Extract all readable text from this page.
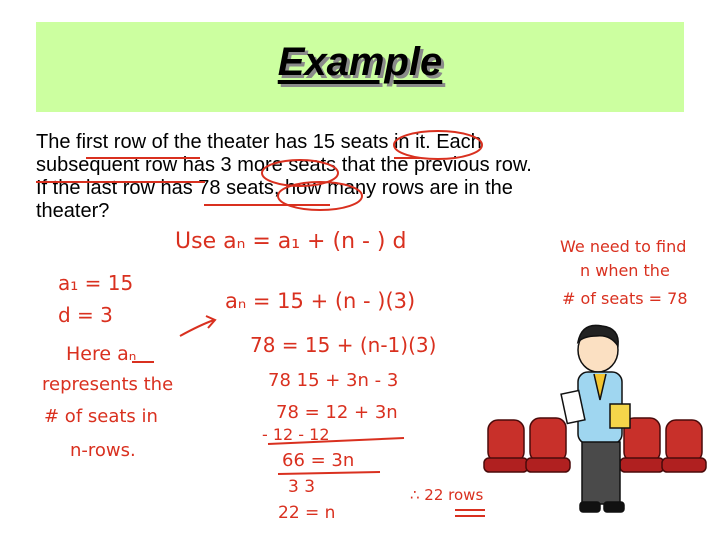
Example

The first row of the theater has 15 seats in it. Each
subsequent row has 3 more seats that the previous row.
If the last row has 78 seats, how many rows are in the
theater?

Use aₙ = a₁ + (n - ) d
a₁ = 15
d = 3
Here aₙ
represents the
# of seats in
n-rows.
aₙ = 15 + (n - )(3)
78 = 15 + (n-1)(3)
78 15 + 3n - 3
78 = 12 + 3n
- 12 - 12
66 = 3n
3 3
22 = n
∴ 22 rows
We need to find
n when the
# of seats = 78
